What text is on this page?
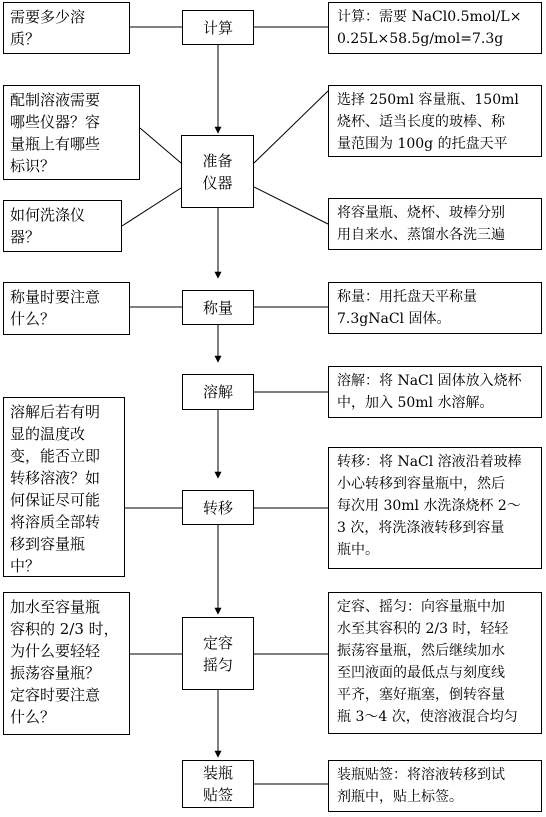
计算
准备
仪器
称量
溶解
转移
定容
摇匀
装瓶
贴签
需要多少溶
质？
配制溶液需要
哪些仪器？容
量瓶上有哪些
标识？
如何洗涤仪
器？
称量时要注意
什么？
溶解后若有明
显的温度改
变，能否立即
转移溶液？如
何保证尽可能
将溶质全部转
移到容量瓶
中？
加水至容量瓶
容积的 2/3 时，
为什么要轻轻
振荡容量瓶？
定容时要注意
什么？
计算：需要 NaCl0.5mol/L×
0.25L×58.5g/mol=7.3g
选择 250ml 容量瓶、150ml
烧杯、适当长度的玻棒、称
量范围为 100g 的托盘天平
将容量瓶、烧杯、玻棒分别
用自来水、蒸馏水各洗三遍
称量：用托盘天平称量
7.3gNaCl 固体。
溶解：将 NaCl 固体放入烧杯
中，加入 50ml 水溶解。
转移：将 NaCl 溶液沿着玻棒
小心转移到容量瓶中，然后
每次用 30ml 水洗涤烧杯 2～
3 次，将洗涤液转移到容量
瓶中。
定容、摇匀：向容量瓶中加
水至其容积的 2/3 时，轻轻
振荡容量瓶，然后继续加水
至凹液面的最低点与刻度线
平齐，塞好瓶塞，倒转容量
瓶 3～4 次，使溶液混合均匀
装瓶贴签：将溶液转移到试
剂瓶中，贴上标签。
